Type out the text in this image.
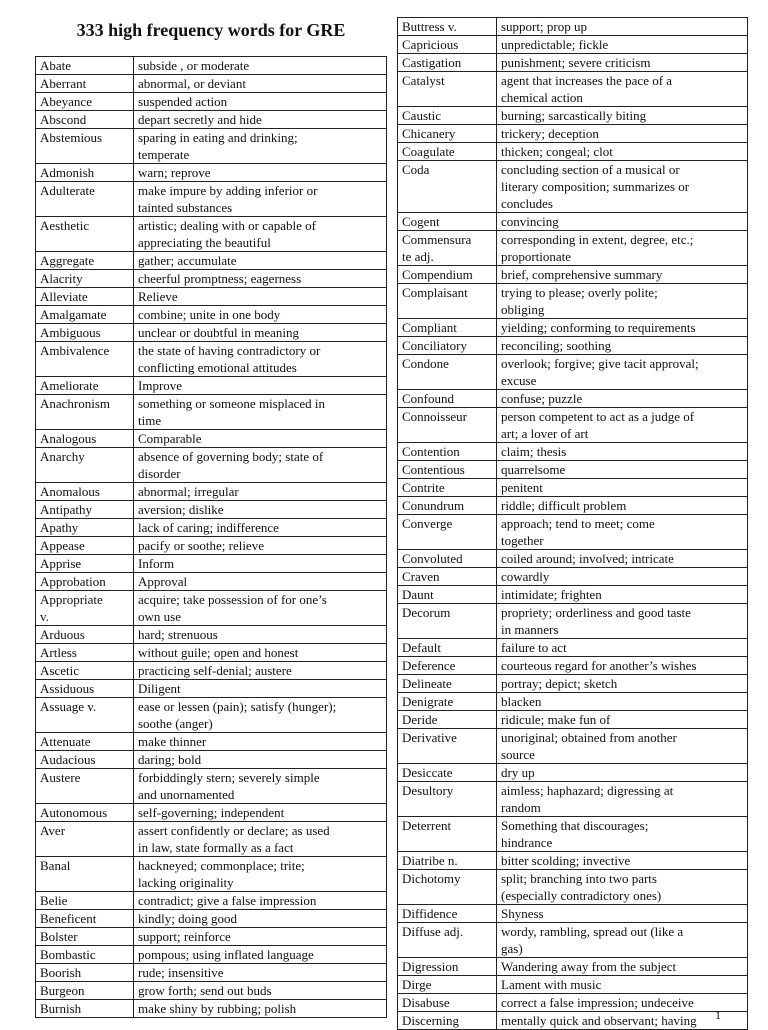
333 high frequency words for GRE
Abate	subside , or moderate
Aberrant	abnormal, or deviant
Abeyance	suspended action
Abscond	depart secretly and hide
Abstemious	sparing in eating and drinking;
temperate
Admonish	warn; reprove
Adulterate	make impure by adding inferior or
tainted substances
Aesthetic	artistic; dealing with or capable of
appreciating the beautiful
Aggregate	gather; accumulate
Alacrity	cheerful promptness; eagerness
Alleviate	Relieve
Amalgamate	combine; unite in one body
Ambiguous	unclear or doubtful in meaning
Ambivalence	the state of having contradictory or
conflicting emotional attitudes
Ameliorate	Improve
Anachronism	something or someone misplaced in
time
Analogous	Comparable
Anarchy	absence of governing body; state of
disorder
Anomalous	abnormal; irregular
Antipathy	aversion; dislike
Apathy	lack of caring; indifference
Appease	pacify or soothe; relieve
Apprise	Inform
Approbation	Approval
Appropriate
v.	acquire; take possession of for one’s
own use
Arduous	hard; strenuous
Artless	without guile; open and honest
Ascetic	practicing self-denial; austere
Assiduous	Diligent
Assuage v.	ease or lessen (pain); satisfy (hunger);
soothe (anger)
Attenuate	make thinner
Audacious	daring; bold
Austere	forbiddingly stern; severely simple
and unornamented
Autonomous	self-governing; independent
Aver	assert confidently or declare; as used
in law, state formally as a fact
Banal	hackneyed; commonplace; trite;
lacking originality
Belie	contradict; give a false impression
Beneficent	kindly; doing good
Bolster	support; reinforce
Bombastic	pompous; using inflated language
Boorish	rude; insensitive
Burgeon	grow forth; send out buds
Burnish	make shiny by rubbing; polish
Buttress v.	support; prop up
Capricious	unpredictable; fickle
Castigation	punishment; severe criticism
Catalyst	agent that increases the pace of a
chemical action
Caustic	burning; sarcastically biting
Chicanery	trickery; deception
Coagulate	thicken; congeal; clot
Coda	concluding section of a musical or
literary composition; summarizes or
concludes
Cogent	convincing
Commensura
te adj.	corresponding in extent, degree, etc.;
proportionate
Compendium	brief, comprehensive summary
Complaisant	trying to please; overly polite;
obliging
Compliant	yielding; conforming to requirements
Conciliatory	reconciling; soothing
Condone	overlook; forgive; give tacit approval;
excuse
Confound	confuse; puzzle
Connoisseur	person competent to act as a judge of
art; a lover of art
Contention	claim; thesis
Contentious	quarrelsome
Contrite	penitent
Conundrum	riddle; difficult problem
Converge	approach; tend to meet; come
together
Convoluted	coiled around; involved; intricate
Craven	cowardly
Daunt	intimidate; frighten
Decorum	propriety; orderliness and good taste
in manners
Default	failure to act
Deference	courteous regard for another’s wishes
Delineate	portray; depict; sketch
Denigrate	blacken
Deride	ridicule; make fun of
Derivative	unoriginal; obtained from another
source
Desiccate	dry up
Desultory	aimless; haphazard; digressing at
random
Deterrent	Something that discourages;
hindrance
Diatribe n.	bitter scolding; invective
Dichotomy	split; branching into two parts
(especially contradictory ones)
Diffidence	Shyness
Diffuse adj.	wordy, rambling, spread out (like a
gas)
Digression	Wandering away from the subject
Dirge	Lament with music
Disabuse	correct a false impression; undeceive
Discerning	mentally quick and observant; having 1
